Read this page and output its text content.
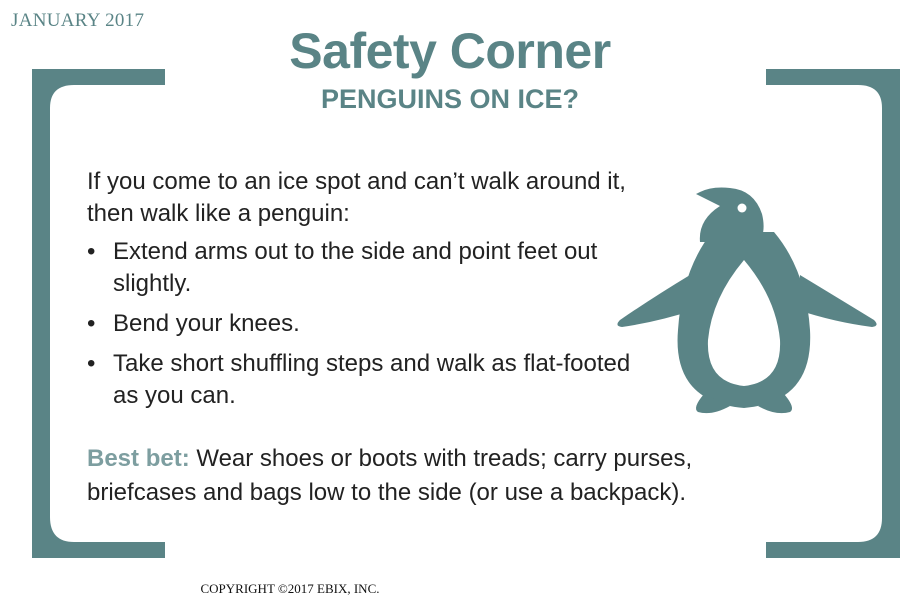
JANUARY 2017
Safety Corner
PENGUINS ON ICE?

If you come to an ice spot and can’t walk around it, then walk like a penguin:

• Extend arms out to the side and point feet out slightly.
• Bend your knees.
• Take short shuffling steps and walk as flat-footed as you can.
Best bet: Wear shoes or boots with treads; carry purses, briefcases and bags low to the side (or use a backpack).
COPYRIGHT ©2017 EBIX, INC.
